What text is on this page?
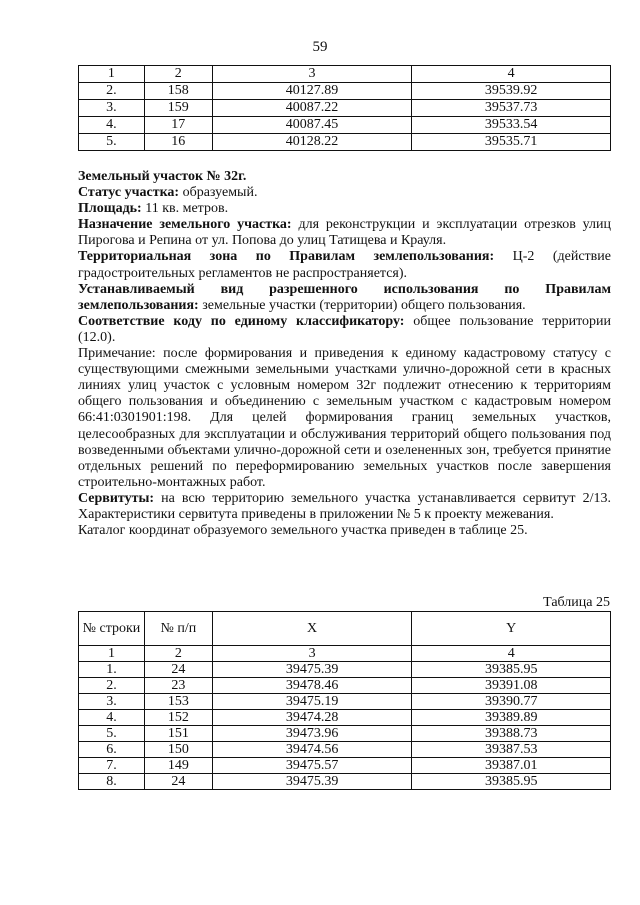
59
1	2	3	4
2.	158	40127.89	39539.92
3.	159	40087.22	39537.73
4.	17	40087.45	39533.54
5.	16	40128.22	39535.71

Земельный участок № 32г.

Статус участка: образуемый.

Площадь: 11 кв. метров.

Назначение земельного участка: для реконструкции и эксплуатации отрезков улиц Пирогова и Репина от ул. Попова до улиц Татищева и Крауля.

Территориальная зона по Правилам землепользования: Ц-2 (действие градостроительных регламентов не распространяется).

Устанавливаемый вид разрешенного использования по Правилам землепользования: земельные участки (территории) общего пользования.

Соответствие коду по единому классификатору: общее пользование территории (12.0).

Примечание: после формирования и приведения к единому кадастровому статусу с существующими смежными земельными участками улично-дорожной сети в красных линиях улиц участок с условным номером 32г подлежит отнесению к территориям общего пользования и объединению с земельным участком с кадастровым номером 66:41:0301901:198. Для целей формирования границ земельных участков, целесообразных для эксплуатации и обслуживания территорий общего пользования под возведенными объектами улично-дорожной сети и озелененных зон, требуется принятие отдельных решений по переформированию земельных участков после завершения строительно-монтажных работ.

Сервитуты: на всю территорию земельного участка устанавливается сервитут 2/13. Характеристики сервитута приведены в приложении № 5 к проекту межевания.

Каталог координат образуемого земельного участка приведен в таблице 25.

Таблица 25
№ строки	№ п/п	X	Y
1	2	3	4
1.	24	39475.39	39385.95
2.	23	39478.46	39391.08
3.	153	39475.19	39390.77
4.	152	39474.28	39389.89
5.	151	39473.96	39388.73
6.	150	39474.56	39387.53
7.	149	39475.57	39387.01
8.	24	39475.39	39385.95
